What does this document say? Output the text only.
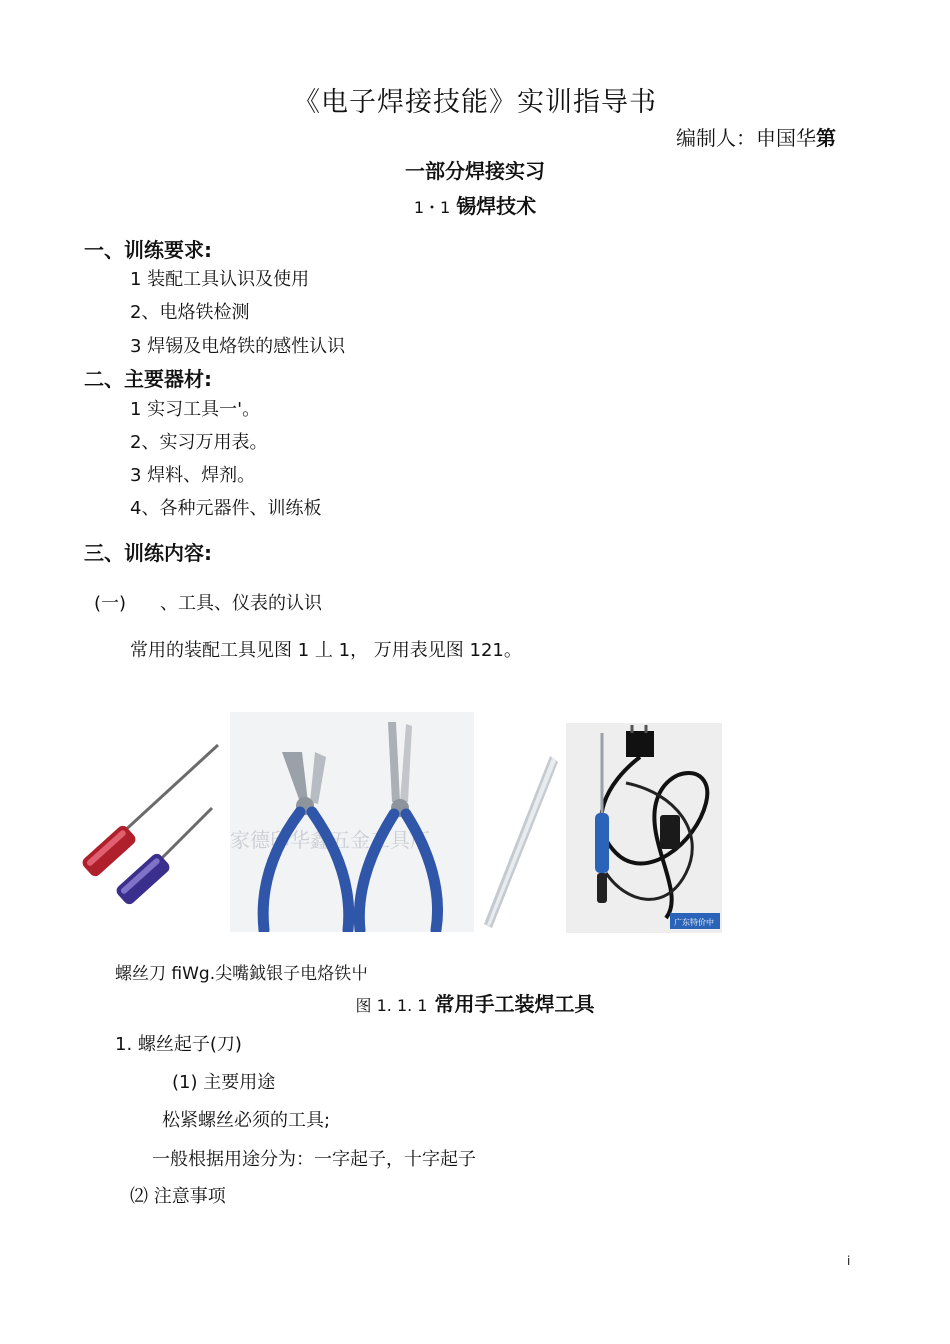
《电子焊接技能》实训指导书
编制人：申国华第
一部分焊接实习
1・1 锡焊技术
一、训练要求:
1 装配工具认识及使用
2、电烙铁检测
3 焊锡及电烙铁的感性认识
二、主要器材:
1 实习工具一'。
2、实习万用表。
3 焊料、焊剂。
4、各种元器件、训练板
三、训练内容:
(一) 、工具、仪表的认识
常用的装配工具见图 1 丄 1， 万用表见图 121。
家德印华鑫五金工具厂
广东特价中
螺丝刀 fiWg.尖嘴鉞银子电烙铁屮
图 1. 1. 1 常用手工装焊工具
1. 螺丝起子(刀)
(1) 主要用途
松紧螺丝必须的工具;
一般根据用途分为：一字起子，十字起子
⑵ 注意事项
i
